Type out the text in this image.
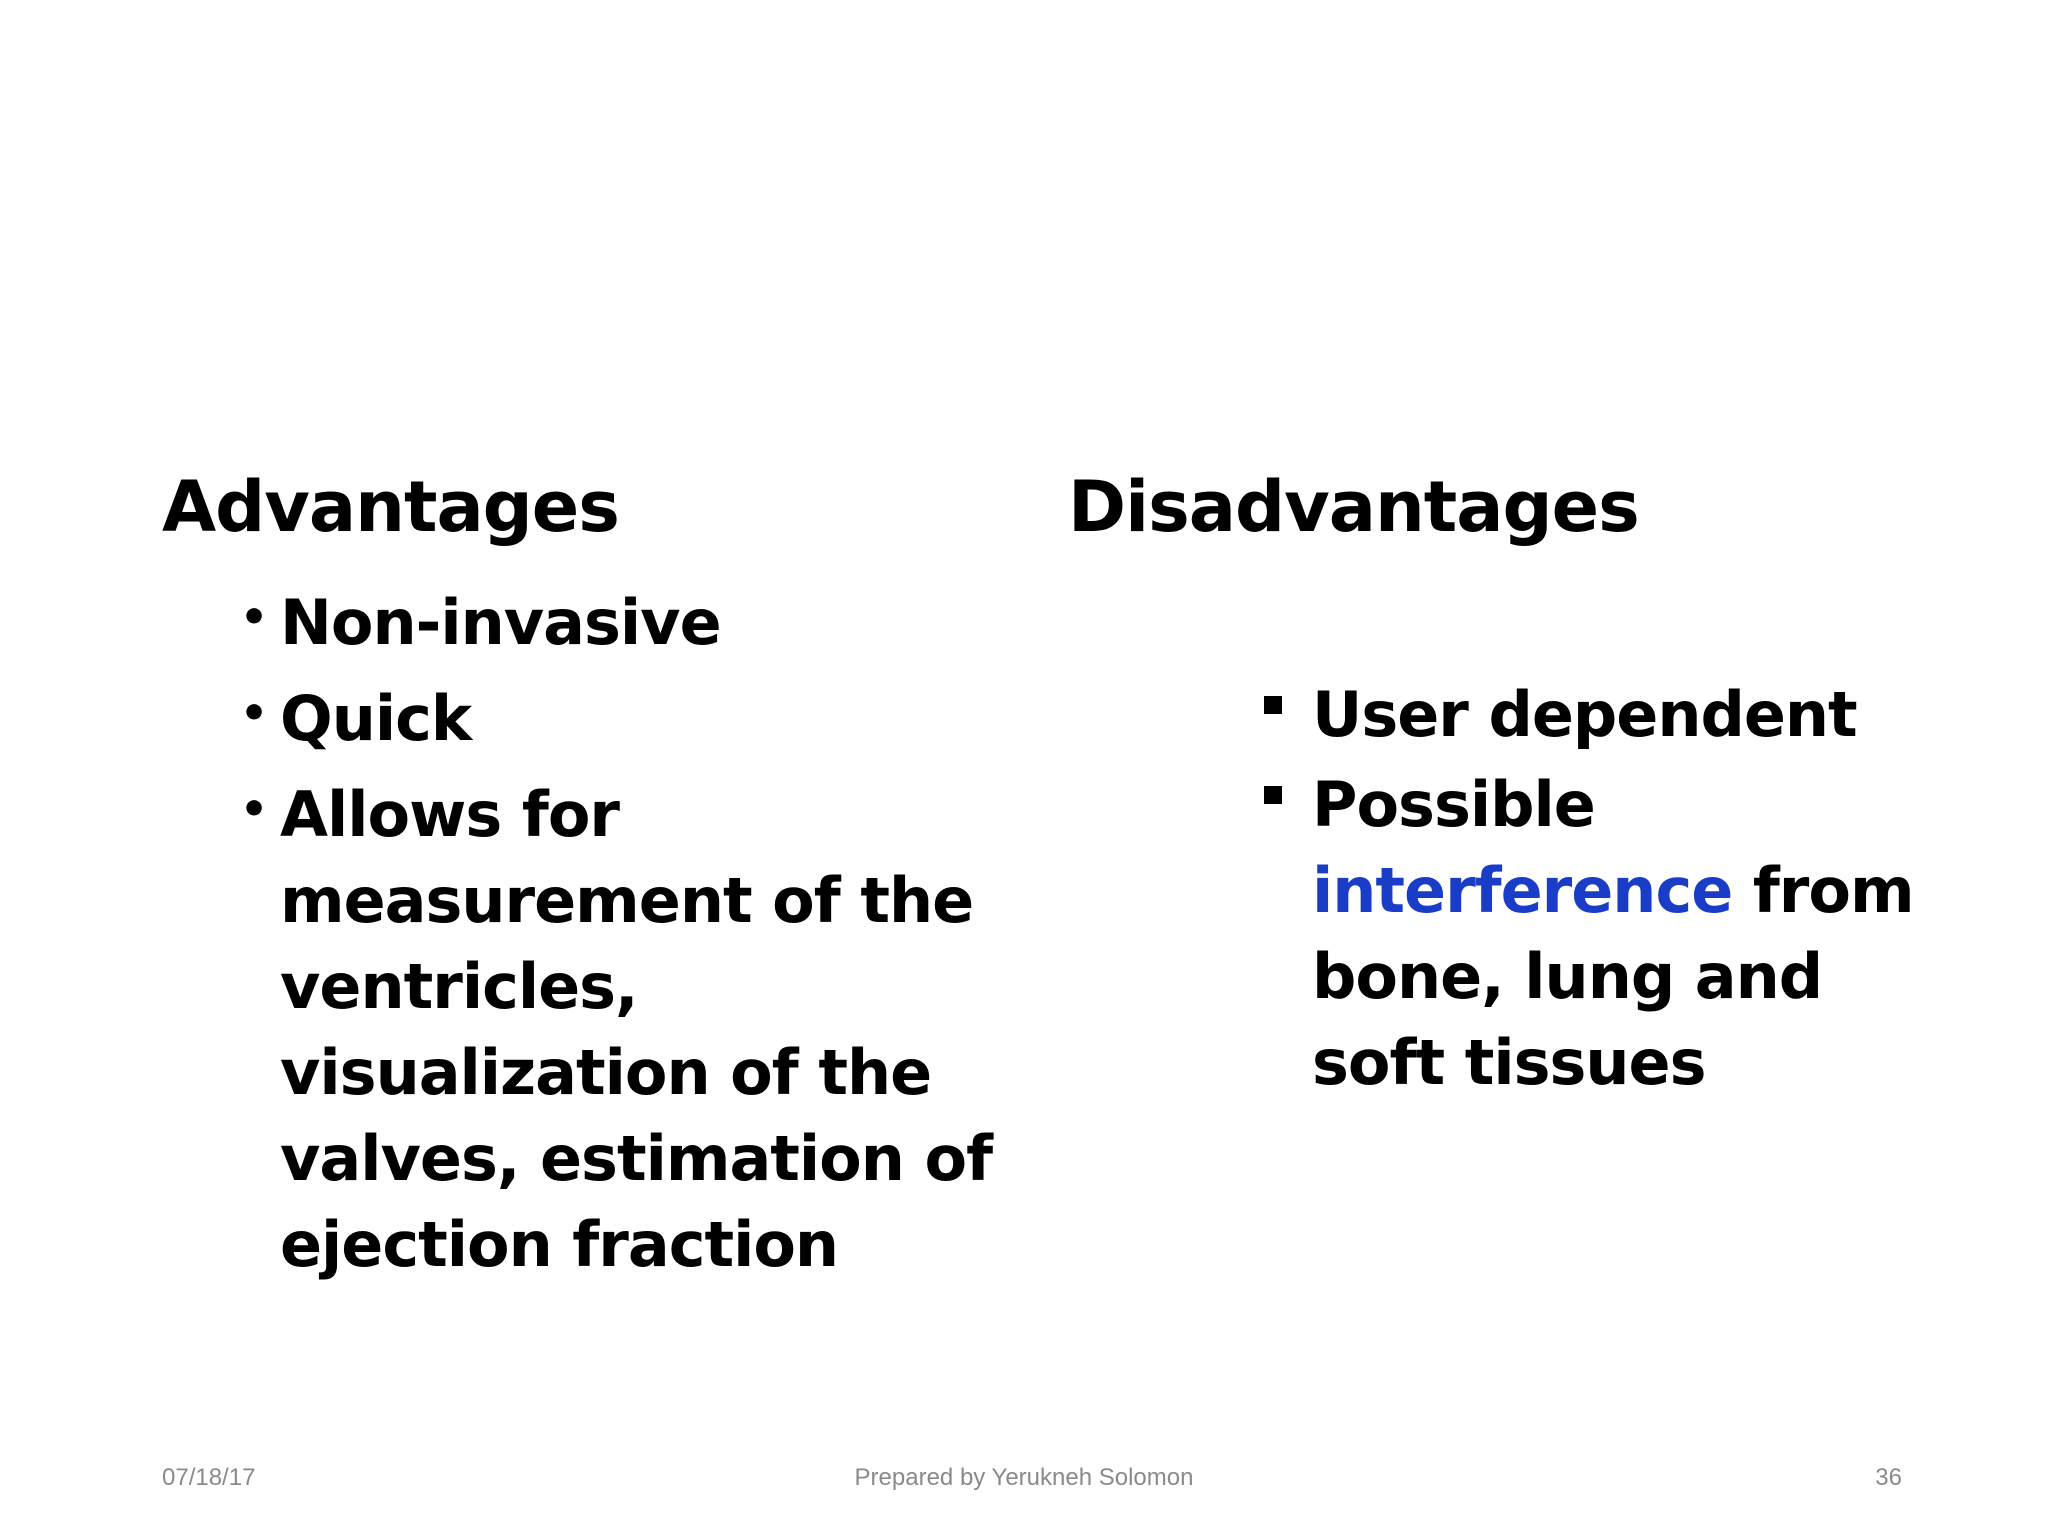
Advantages
• Non-invasive
• Quick
• Allows for measurement of the ventricles, visualization of the valves, estimation of ejection fraction
Disadvantages
User dependent
Possible interference from bone, lung and soft tissues
Prepared by Yerukneh Solomon
07/18/17	36
